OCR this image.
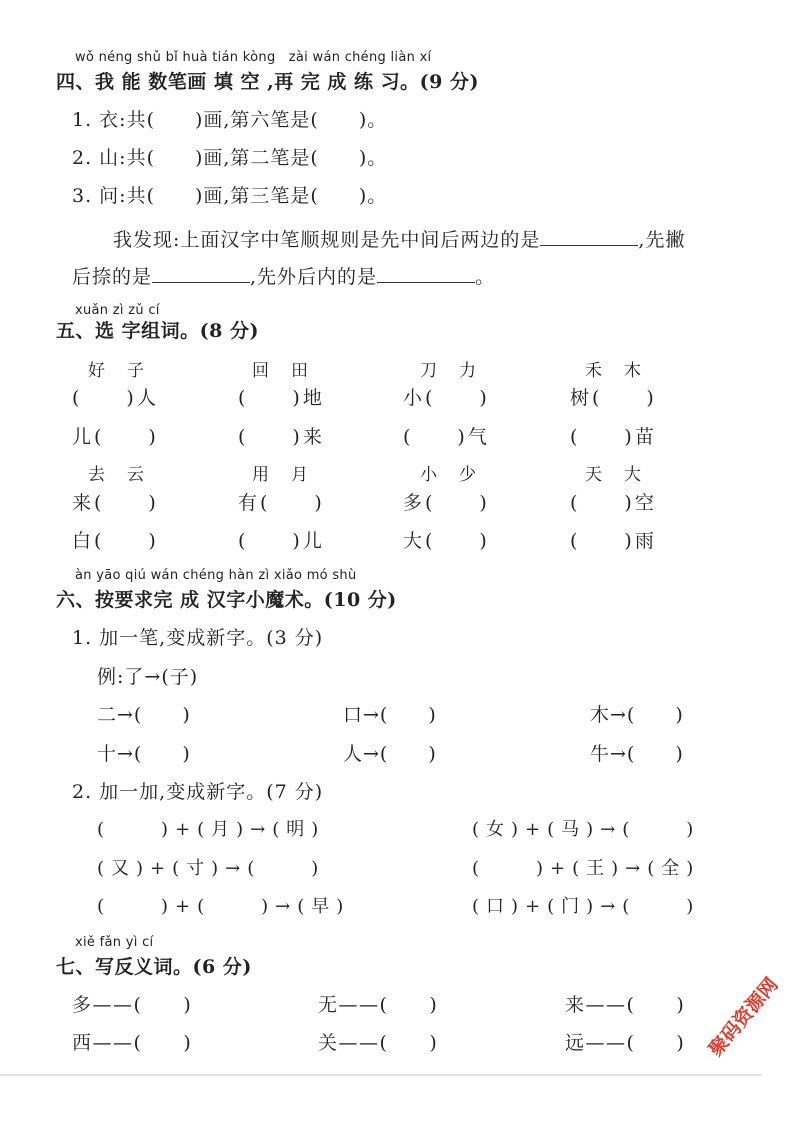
wǒ néng shǔ bǐ huà tián kòng　zài wán chéng liàn xí
四、我 能 数笔画 填 空 ,再 完 成 练 习。(9 分)
1. 衣:共(　　)画,第六笔是(　　)。
2. 山:共(　　)画,第二笔是(　　)。
3. 问:共(　　)画,第三笔是(　　)。
我发现:上面汉字中笔顺规则是先中间后两边的是	,先撇
后捺的是	,先外后内的是	。
xuǎn zì zǔ cí
五、选 字组词。(8 分)
好 子	回 田	刀 力	禾 木
(　　)人	(　　)地	小(　　)	树(　　)
儿(　　)	(　　)来	(　　)气	(　　)苗
去 云	用 月	小 少	天 大
来(　　)	有(　　)	多(　　)	(　　)空
白(　　)	(　　)儿	大(　　)	(　　)雨
àn yāo qiú wán chéng hàn zì xiǎo mó shù
六、按要求完 成 汉字小魔术。(10 分)
1. 加一笔,变成新字。(3 分)
例:了→(子)
二→(　　)	口→(　　)	木→(　　)
十→(　　)	人→(　　)	牛→(　　)
2. 加一加,变成新字。(7 分)
(　　)+(月)→(明)	(女)+(马)→(　　)
(又)+(寸)→(　　)	(　　)+(王)→(全)
(　　)+(　　)→(早)	(口)+(门)→(　　)
xiě fǎn yì cí
七、写反义词。(6 分)
多——(　　)	无——(　　)	来——(　　)
西——(　　)	关——(　　)	远——(　　) 聚码资源网
